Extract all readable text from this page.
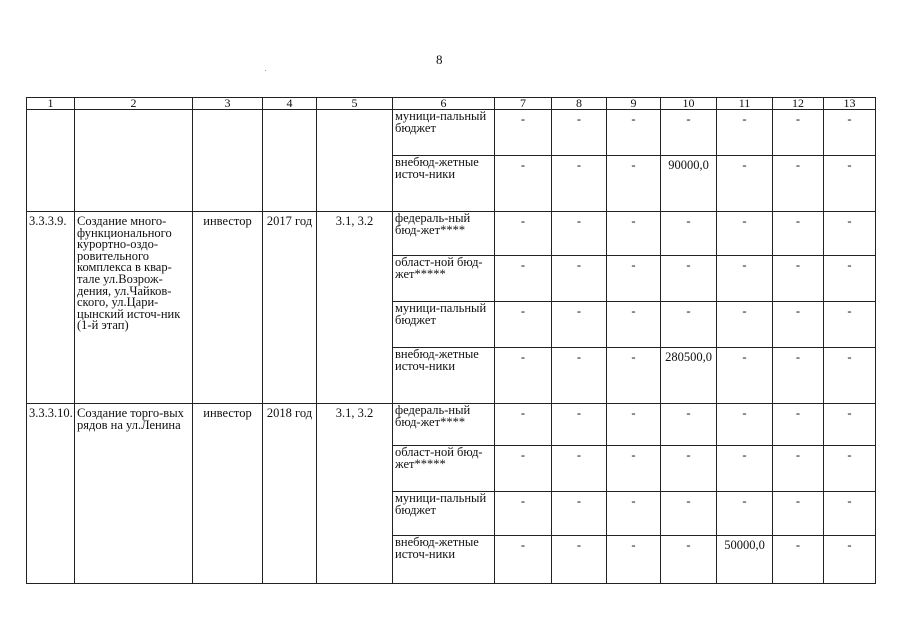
8
1	2	3	4	5	6	7	8	9	10	11	12	13
					муници-пальный бюджет	-	-	-	-	-	-	-
					внебюд-жетные источ-ники	-	-	-	90000,0	-	-	-
3.3.3.9.	Создание много-функционального курортно-оздо-ровительного комплекса в квар-тале ул.Возрож-дения, ул.Чайков-ского, ул.Цари-цынский источ-ник (1-й этап)	инвестор	2017 год	3.1, 3.2	федераль-ный бюд-жет****	-	-	-	-	-	-	-
					област-ной бюд-жет*****	-	-	-	-	-	-	-
					муници-пальный бюджет	-	-	-	-	-	-	-
					внебюд-жетные источ-ники	-	-	-	280500,0	-	-	-
3.3.3.10.	Создание торго-вых рядов на ул.Ленина	инвестор	2018 год	3.1, 3.2	федераль-ный бюд-жет****	-	-	-	-	-	-	-
					област-ной бюд-жет*****	-	-	-	-	-	-	-
					муници-пальный бюджет	-	-	-	-	-	-	-
					внебюд-жетные источ-ники	-	-	-	-	50000,0	-	-
